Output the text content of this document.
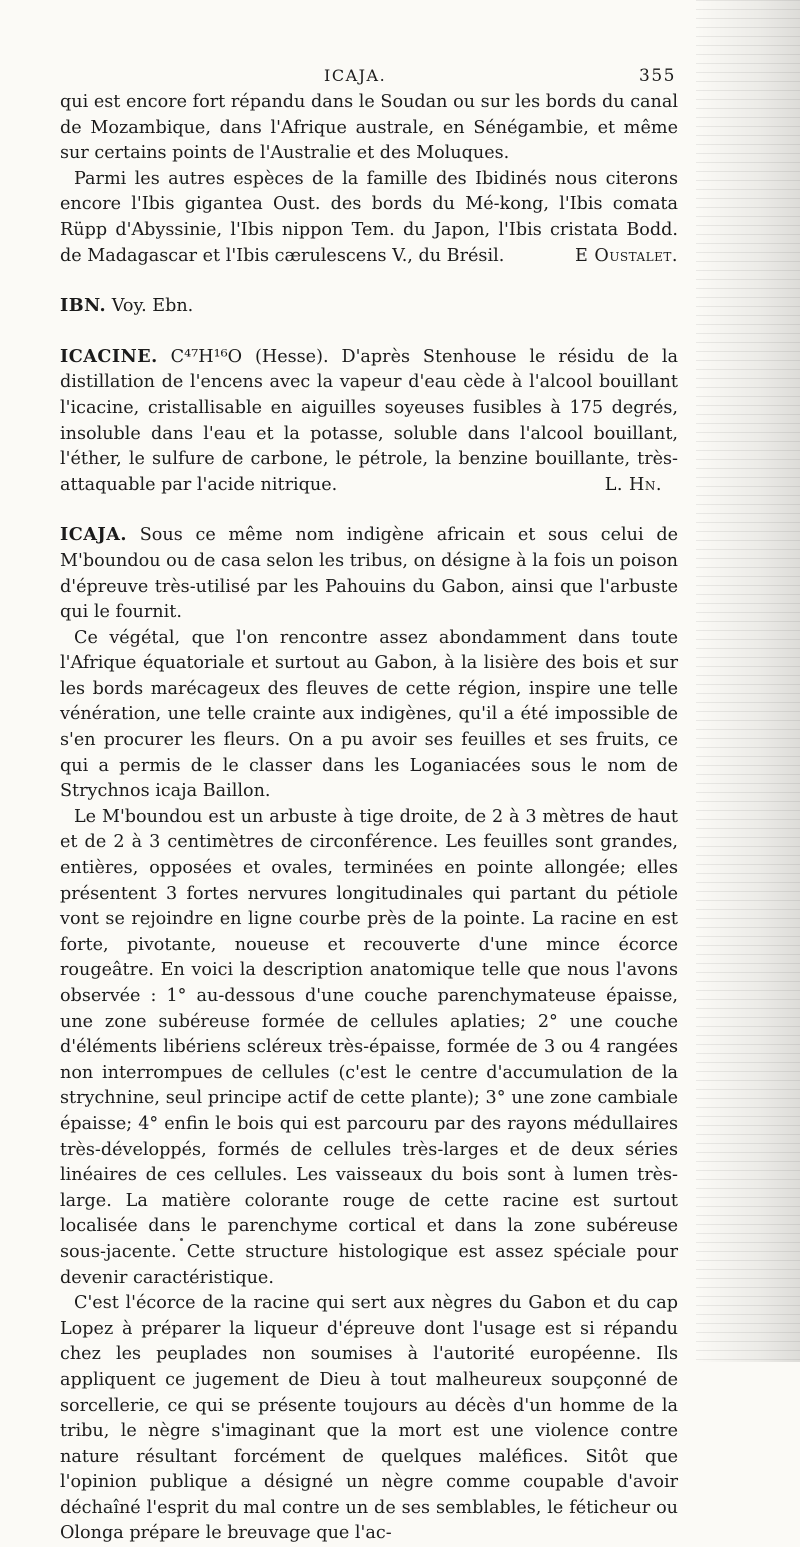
ICAJA.	355

qui est encore fort répandu dans le Soudan ou sur les bords du canal de Mozambique, dans l'Afrique australe, en Sénégambie, et même sur certains points de l'Australie et des Moluques.

Parmi les autres espèces de la famille des Ibidinés nous citerons encore l'Ibis gigantea Oust. des bords du Mé-kong, l'Ibis comata Rüpp d'Abyssinie, l'Ibis nippon Tem. du Japon, l'Ibis cristata Bodd. de Madagascar et l'Ibis cærulescens V., du Brésil.	E Oustalet.

IBN. Voy. Ebn.

ICACINE. C⁴⁷H¹⁶O (Hesse). D'après Stenhouse le résidu de la distillation de l'encens avec la vapeur d'eau cède à l'alcool bouillant l'icacine, cristallisable en aiguilles soyeuses fusibles à 175 degrés, insoluble dans l'eau et la potasse, soluble dans l'alcool bouillant, l'éther, le sulfure de carbone, le pétrole, la benzine bouillante, très-attaquable par l'acide nitrique.	L. Hn.

ICAJA. Sous ce même nom indigène africain et sous celui de M'boundou ou de casa selon les tribus, on désigne à la fois un poison d'épreuve très-utilisé par les Pahouins du Gabon, ainsi que l'arbuste qui le fournit.

Ce végétal, que l'on rencontre assez abondamment dans toute l'Afrique équatoriale et surtout au Gabon, à la lisière des bois et sur les bords marécageux des fleuves de cette région, inspire une telle vénération, une telle crainte aux indigènes, qu'il a été impossible de s'en procurer les fleurs. On a pu avoir ses feuilles et ses fruits, ce qui a permis de le classer dans les Loganiacées sous le nom de Strychnos icaja Baillon.

Le M'boundou est un arbuste à tige droite, de 2 à 3 mètres de haut et de 2 à 3 centimètres de circonférence. Les feuilles sont grandes, entières, opposées et ovales, terminées en pointe allongée; elles présentent 3 fortes nervures longitudinales qui partant du pétiole vont se rejoindre en ligne courbe près de la pointe. La racine en est forte, pivotante, noueuse et recouverte d'une mince écorce rougeâtre. En voici la description anatomique telle que nous l'avons observée : 1° au-dessous d'une couche parenchymateuse épaisse, une zone subéreuse formée de cellules aplaties; 2° une couche d'éléments libériens scléreux très-épaisse, formée de 3 ou 4 rangées non interrompues de cellules (c'est le centre d'accumulation de la strychnine, seul principe actif de cette plante); 3° une zone cambiale épaisse; 4° enfin le bois qui est parcouru par des rayons médullaires très-développés, formés de cellules très-larges et de deux séries linéaires de ces cellules. Les vaisseaux du bois sont à lumen très-large. La matière colorante rouge de cette racine est surtout localisée dans le parenchyme cortical et dans la zone subéreuse sous-jacente. Cette structure histologique est assez spéciale pour devenir caractéristique.

C'est l'écorce de la racine qui sert aux nègres du Gabon et du cap Lopez à préparer la liqueur d'épreuve dont l'usage est si répandu chez les peuplades non soumises à l'autorité européenne. Ils appliquent ce jugement de Dieu à tout malheureux soupçonné de sorcellerie, ce qui se présente toujours au décès d'un homme de la tribu, le nègre s'imaginant que la mort est une violence contre nature résultant forcément de quelques maléfices. Sitôt que l'opinion publique a désigné un nègre comme coupable d'avoir déchaîné l'esprit du mal contre un de ses semblables, le féticheur ou Olonga prépare le breuvage que l'ac-
